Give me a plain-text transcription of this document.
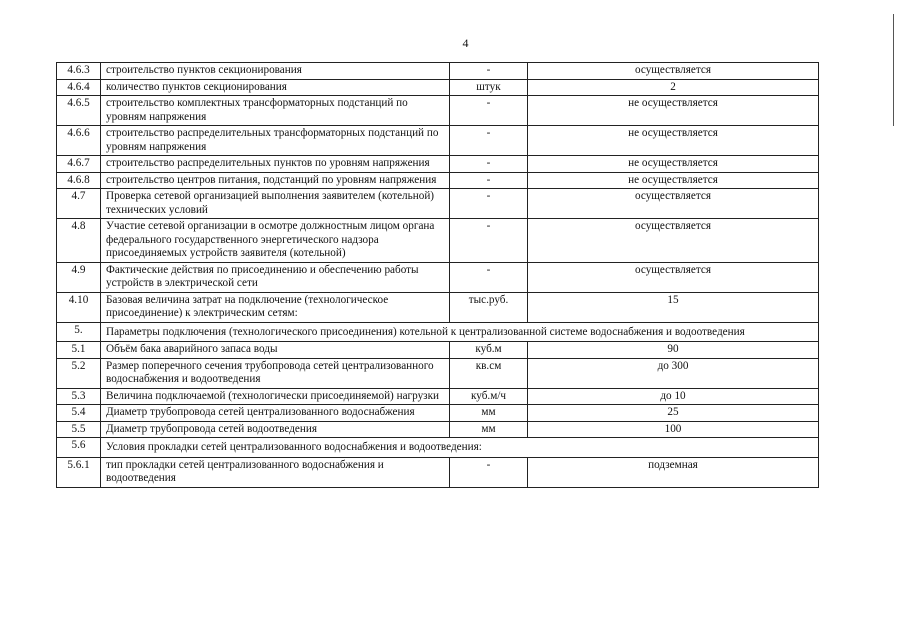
4
4.6.3	строительство пунктов секционирования	-	осуществляется
4.6.4	количество пунктов секционирования	штук	2
4.6.5	строительство комплектных трансформаторных подстанций по уровням напряжения	-	не осуществляется
4.6.6	строительство распределительных трансформаторных подстанций по уровням напряжения	-	не осуществляется
4.6.7	строительство распределительных пунктов по уровням напряжения	-	не осуществляется
4.6.8	строительство центров питания, подстанций по уровням напряжения	-	не осуществляется
4.7	Проверка сетевой организацией выполнения заявителем (котельной) технических условий	-	осуществляется
4.8	Участие сетевой организации в осмотре должностным лицом органа федерального государственного энергетического надзора присоединяемых устройств заявителя (котельной)	-	осуществляется
4.9	Фактические действия по присоединению и обеспечению работы устройств в электрической сети	-	осуществляется
4.10	Базовая величина затрат на подключение (технологическое присоединение) к электрическим сетям:	тыс.руб.	15
5.	Параметры подключения (технологического присоединения) котельной к централизованной системе водоснабжения и водоотведения		
5.1	Объём бака аварийного запаса воды	куб.м	90
5.2	Размер поперечного сечения трубопровода сетей централизованного водоснабжения и водоотведения	кв.см	до 300
5.3	Величина подключаемой (технологически присоединяемой) нагрузки	куб.м/ч	до 10
5.4	Диаметр трубопровода сетей централизованного водоснабжения	мм	25
5.5	Диаметр трубопровода сетей водоотведения	мм	100
5.6	Условия прокладки сетей централизованного водоснабжения и водоотведения:		
5.6.1	тип прокладки сетей централизованного водоснабжения и водоотведения	-	подземная
